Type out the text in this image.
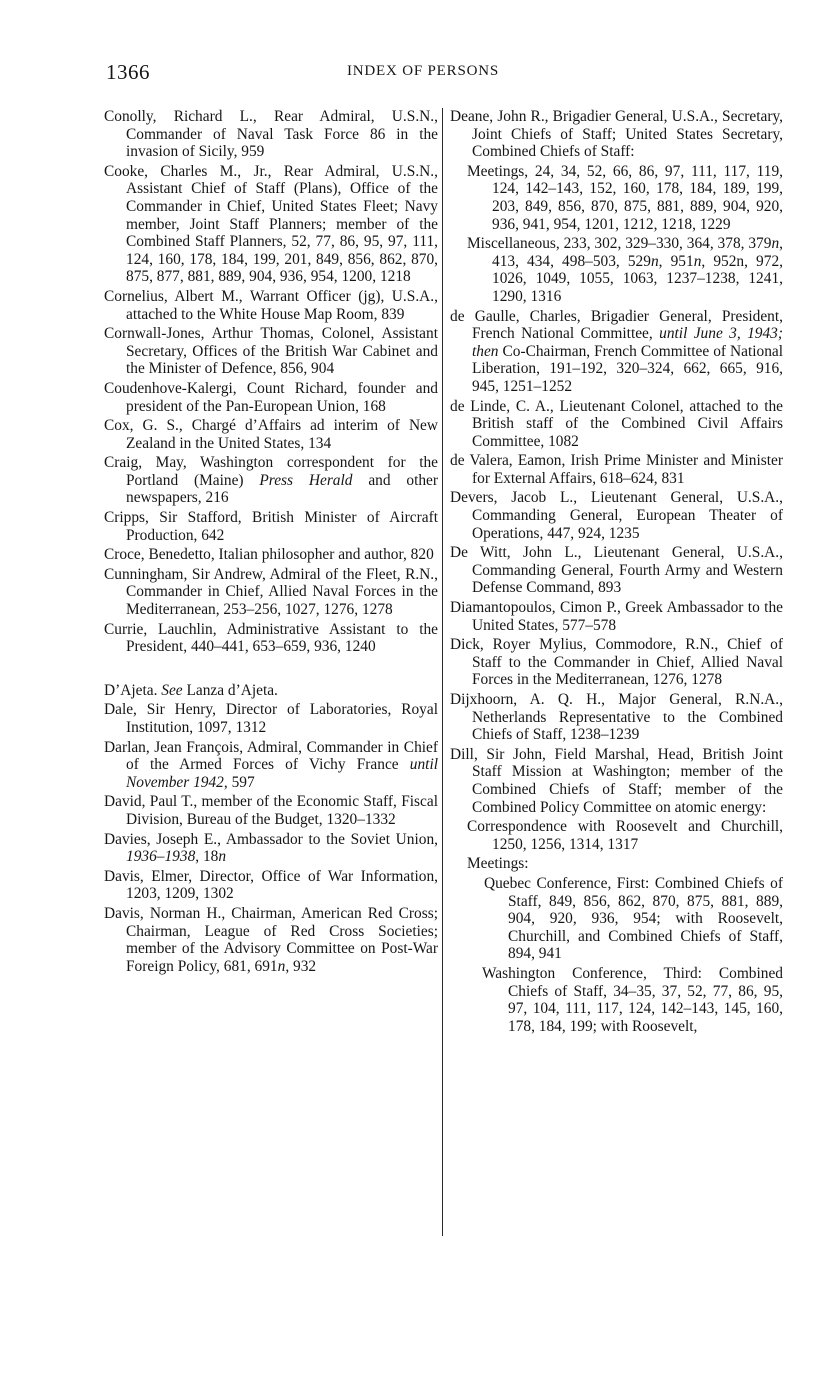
1366	INDEX OF PERSONS

Conolly, Richard L., Rear Admiral, U.S.N., Commander of Naval Task Force 86 in the invasion of Sicily, 959

Cooke, Charles M., Jr., Rear Admiral, U.S.N., Assistant Chief of Staff (Plans), Office of the Commander in Chief, United States Fleet; Navy member, Joint Staff Planners; member of the Combined Staff Planners, 52, 77, 86, 95, 97, 111, 124, 160, 178, 184, 199, 201, 849, 856, 862, 870, 875, 877, 881, 889, 904, 936, 954, 1200, 1218

Cornelius, Albert M., Warrant Officer (jg), U.S.A., attached to the White House Map Room, 839

Cornwall-Jones, Arthur Thomas, Colonel, Assistant Secretary, Offices of the British War Cabinet and the Minister of Defence, 856, 904

Coudenhove-Kalergi, Count Richard, founder and president of the Pan-European Union, 168

Cox, G. S., Chargé d’Affairs ad interim of New Zealand in the United States, 134

Craig, May, Washington correspondent for the Portland (Maine) Press Herald and other newspapers, 216

Cripps, Sir Stafford, British Minister of Aircraft Production, 642

Croce, Benedetto, Italian philosopher and author, 820

Cunningham, Sir Andrew, Admiral of the Fleet, R.N., Commander in Chief, Allied Naval Forces in the Mediterranean, 253–256, 1027, 1276, 1278

Currie, Lauchlin, Administrative Assistant to the President, 440–441, 653–659, 936, 1240

D’Ajeta. See Lanza d’Ajeta.

Dale, Sir Henry, Director of Laboratories, Royal Institution, 1097, 1312

Darlan, Jean François, Admiral, Commander in Chief of the Armed Forces of Vichy France until November 1942, 597

David, Paul T., member of the Economic Staff, Fiscal Division, Bureau of the Budget, 1320–1332

Davies, Joseph E., Ambassador to the Soviet Union, 1936–1938, 18n

Davis, Elmer, Director, Office of War Information, 1203, 1209, 1302

Davis, Norman H., Chairman, American Red Cross; Chairman, League of Red Cross Societies; member of the Advisory Committee on Post-War Foreign Policy, 681, 691n, 932

Deane, John R., Brigadier General, U.S.A., Secretary, Joint Chiefs of Staff; United States Secretary, Combined Chiefs of Staff:

Meetings, 24, 34, 52, 66, 86, 97, 111, 117, 119, 124, 142–143, 152, 160, 178, 184, 189, 199, 203, 849, 856, 870, 875, 881, 889, 904, 920, 936, 941, 954, 1201, 1212, 1218, 1229

Miscellaneous, 233, 302, 329–330, 364, 378, 379n, 413, 434, 498–503, 529n, 951n, 952n, 972, 1026, 1049, 1055, 1063, 1237–1238, 1241, 1290, 1316

de Gaulle, Charles, Brigadier General, President, French National Committee, until June 3, 1943; then Co-Chairman, French Committee of National Liberation, 191–192, 320–324, 662, 665, 916, 945, 1251–1252

de Linde, C. A., Lieutenant Colonel, attached to the British staff of the Combined Civil Affairs Committee, 1082

de Valera, Eamon, Irish Prime Minister and Minister for External Affairs, 618–624, 831

Devers, Jacob L., Lieutenant General, U.S.A., Commanding General, European Theater of Operations, 447, 924, 1235

De Witt, John L., Lieutenant General, U.S.A., Commanding General, Fourth Army and Western Defense Command, 893

Diamantopoulos, Cimon P., Greek Ambassador to the United States, 577–578

Dick, Royer Mylius, Commodore, R.N., Chief of Staff to the Commander in Chief, Allied Naval Forces in the Mediterranean, 1276, 1278

Dijxhoorn, A. Q. H., Major General, R.N.A., Netherlands Representative to the Combined Chiefs of Staff, 1238–1239

Dill, Sir John, Field Marshal, Head, British Joint Staff Mission at Washington; member of the Combined Chiefs of Staff; member of the Combined Policy Committee on atomic energy:

Correspondence with Roosevelt and Churchill, 1250, 1256, 1314, 1317

Meetings:

Quebec Conference, First: Combined Chiefs of Staff, 849, 856, 862, 870, 875, 881, 889, 904, 920, 936, 954; with Roosevelt, Churchill, and Combined Chiefs of Staff, 894, 941

Washington Conference, Third: Combined Chiefs of Staff, 34–35, 37, 52, 77, 86, 95, 97, 104, 111, 117, 124, 142–143, 145, 160, 178, 184, 199; with Roosevelt,
